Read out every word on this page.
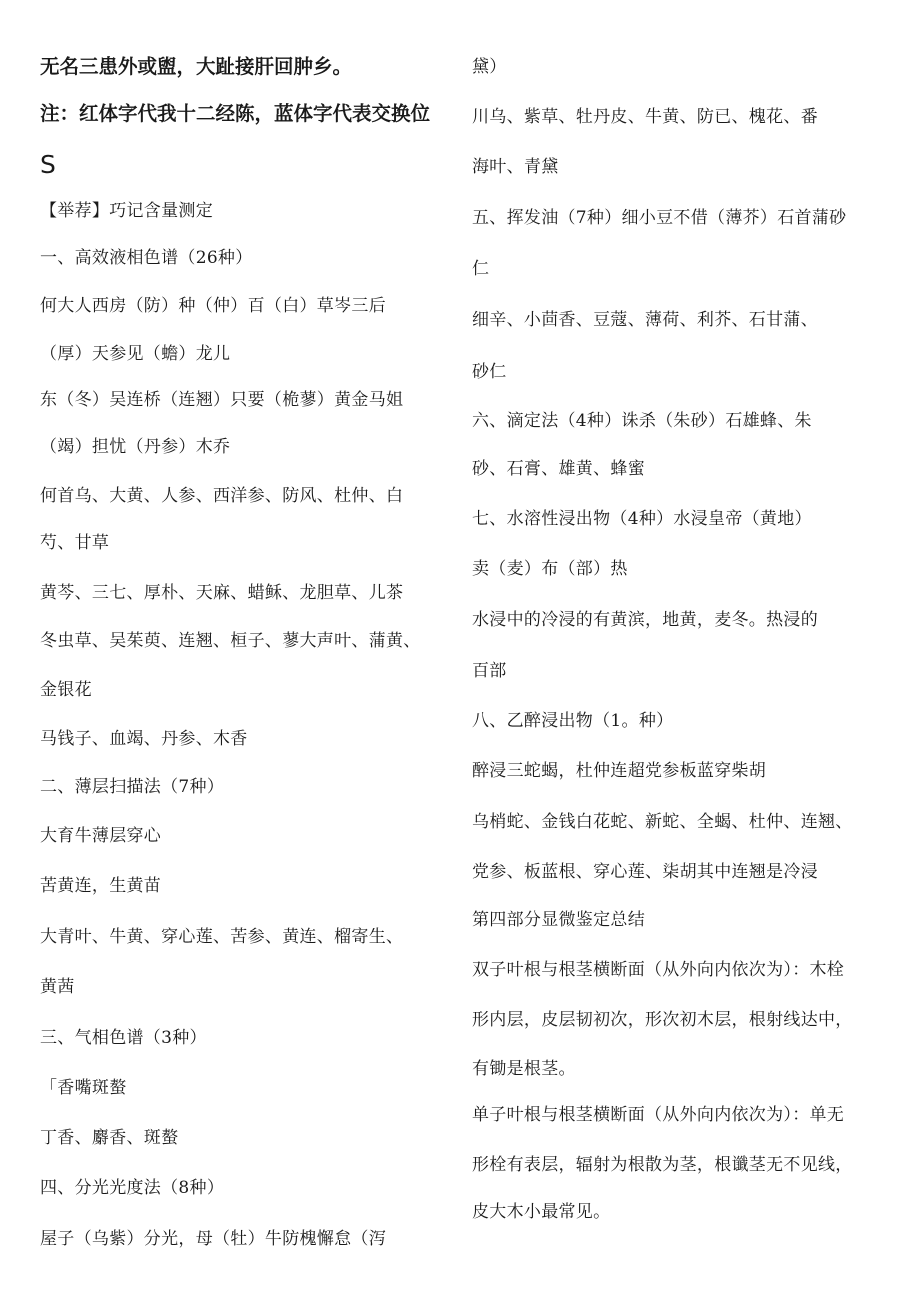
无名三患外或盥，大趾接肝回肿乡。
注：红体字代我十二经陈，蓝体字代表交换位
S
【举荐】巧记含量测定
一、高效液相色谱（26种）
何大人西房（防）种（仲）百（白）草岑三后
（厚）天参见（蟾）龙儿
东（冬）吴连桥（连翘）只要（桅蓼）黄金马姐
（竭）担忧（丹参）木乔
何首乌、大黄、人参、西洋参、防风、杜仲、白
芍、甘草
黄芩、三七、厚朴、天麻、蜡稣、龙胆草、儿茶
冬虫草、吴茱萸、连翘、桓子、蓼大声叶、蒲黄、
金银花
马钱子、血竭、丹参、木香
二、薄层扫描法（7种）
大育牛薄层穿心
苦黄连，生黄苗
大青叶、牛黄、穿心莲、苦参、黄连、榴寄生、
黄茜
三、气相色谱（3种）
「香嘴斑螯
丁香、麝香、斑螯
四、分光光度法（8种）
屋子（乌紫）分光，母（牡）牛防槐懈怠（泻
黛）
川乌、紫草、牡丹皮、牛黄、防已、槐花、番
海叶、青黛
五、挥发油（7种）细小豆不借（薄芥）石首蒲砂
仁
细辛、小茴香、豆蔻、薄荷、利芥、石甘蒲、
砂仁
六、滴定法（4种）诛杀（朱砂）石雄蜂、朱
砂、石膏、雄黄、蜂蜜
七、水溶性浸出物（4种）水浸皇帝（黄地）
卖（麦）布（部）热
水浸中的冷浸的有黄滨，地黄，麦冬。热浸的
百部
八、乙醉浸出物（1。种）
醉浸三蛇蝎，杜仲连超党参板蓝穿柴胡
乌梢蛇、金钱白花蛇、新蛇、全蝎、杜仲、连翘、
党参、板蓝根、穿心莲、柒胡其中连翘是冷浸
第四部分显微鉴定总结
双子叶根与根茎横断面（从外向内依次为）：木栓
形内层，皮层韧初次，形次初木层，根射线达中，
有锄是根茎。
单子叶根与根茎横断面（从外向内依次为）：单无
形栓有表层，辐射为根散为茎，根谶茎无不见线，
皮大木小最常见。
